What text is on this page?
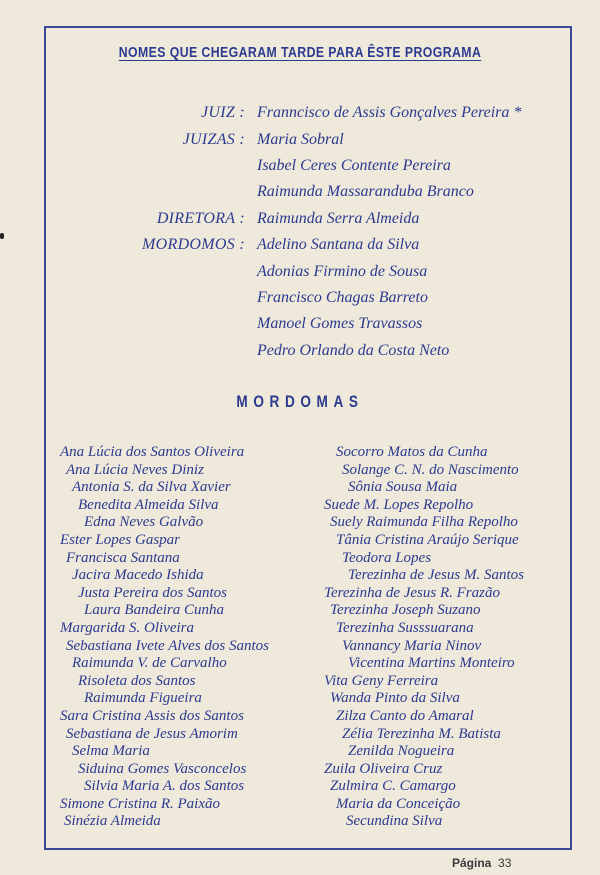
NOMES QUE CHEGARAM TARDE PARA ÊSTE PROGRAMA
JUIZ : Franncisco de Assis Gonçalves Pereira *
JUIZAS : Maria Sobral
Isabel Ceres Contente Pereira
Raimunda Massaranduba Branco
DIRETORA : Raimunda Serra Almeida
MORDOMOS : Adelino Santana da Silva
Adonias Firmino de Sousa
Francisco Chagas Barreto
Manoel Gomes Travassos
Pedro Orlando da Costa Neto
MORDOMAS
Ana Lúcia dos Santos Oliveira
Ana Lúcia Neves Diniz
Antonia S. da Silva Xavier
Benedita Almeida Silva
Edna Neves Galvão
Ester Lopes Gaspar
Francisca Santana
Jacira Macedo Ishida
Justa Pereira dos Santos
Laura Bandeira Cunha
Margarida S. Oliveira
Sebastiana Ivete Alves dos Santos
Raimunda V. de Carvalho
Risoleta dos Santos
Raimunda Figueira
Sara Cristina Assis dos Santos
Sebastiana de Jesus Amorim
Selma Maria
Siduina Gomes Vasconcelos
Silvia Maria A. dos Santos
Simone Cristina R. Paixão
Sinézia Almeida
Socorro Matos da Cunha
Solange C. N. do Nascimento
Sônia Sousa Maia
Suede M. Lopes Repolho
Suely Raimunda Filha Repolho
Tânia Cristina Araújo Serique
Teodora Lopes
Terezinha de Jesus M. Santos
Terezinha de Jesus R. Frazão
Terezinha Joseph Suzano
Terezinha Susssuarana
Vannancy Maria Ninov
Vicentina Martins Monteiro
Vita Geny Ferreira
Wanda Pinto da Silva
Zilza Canto do Amaral
Zélia Terezinha M. Batista
Zenilda Nogueira
Zuila Oliveira Cruz
Zulmira C. Camargo
Maria da Conceição
Secundina Silva
Página 33
